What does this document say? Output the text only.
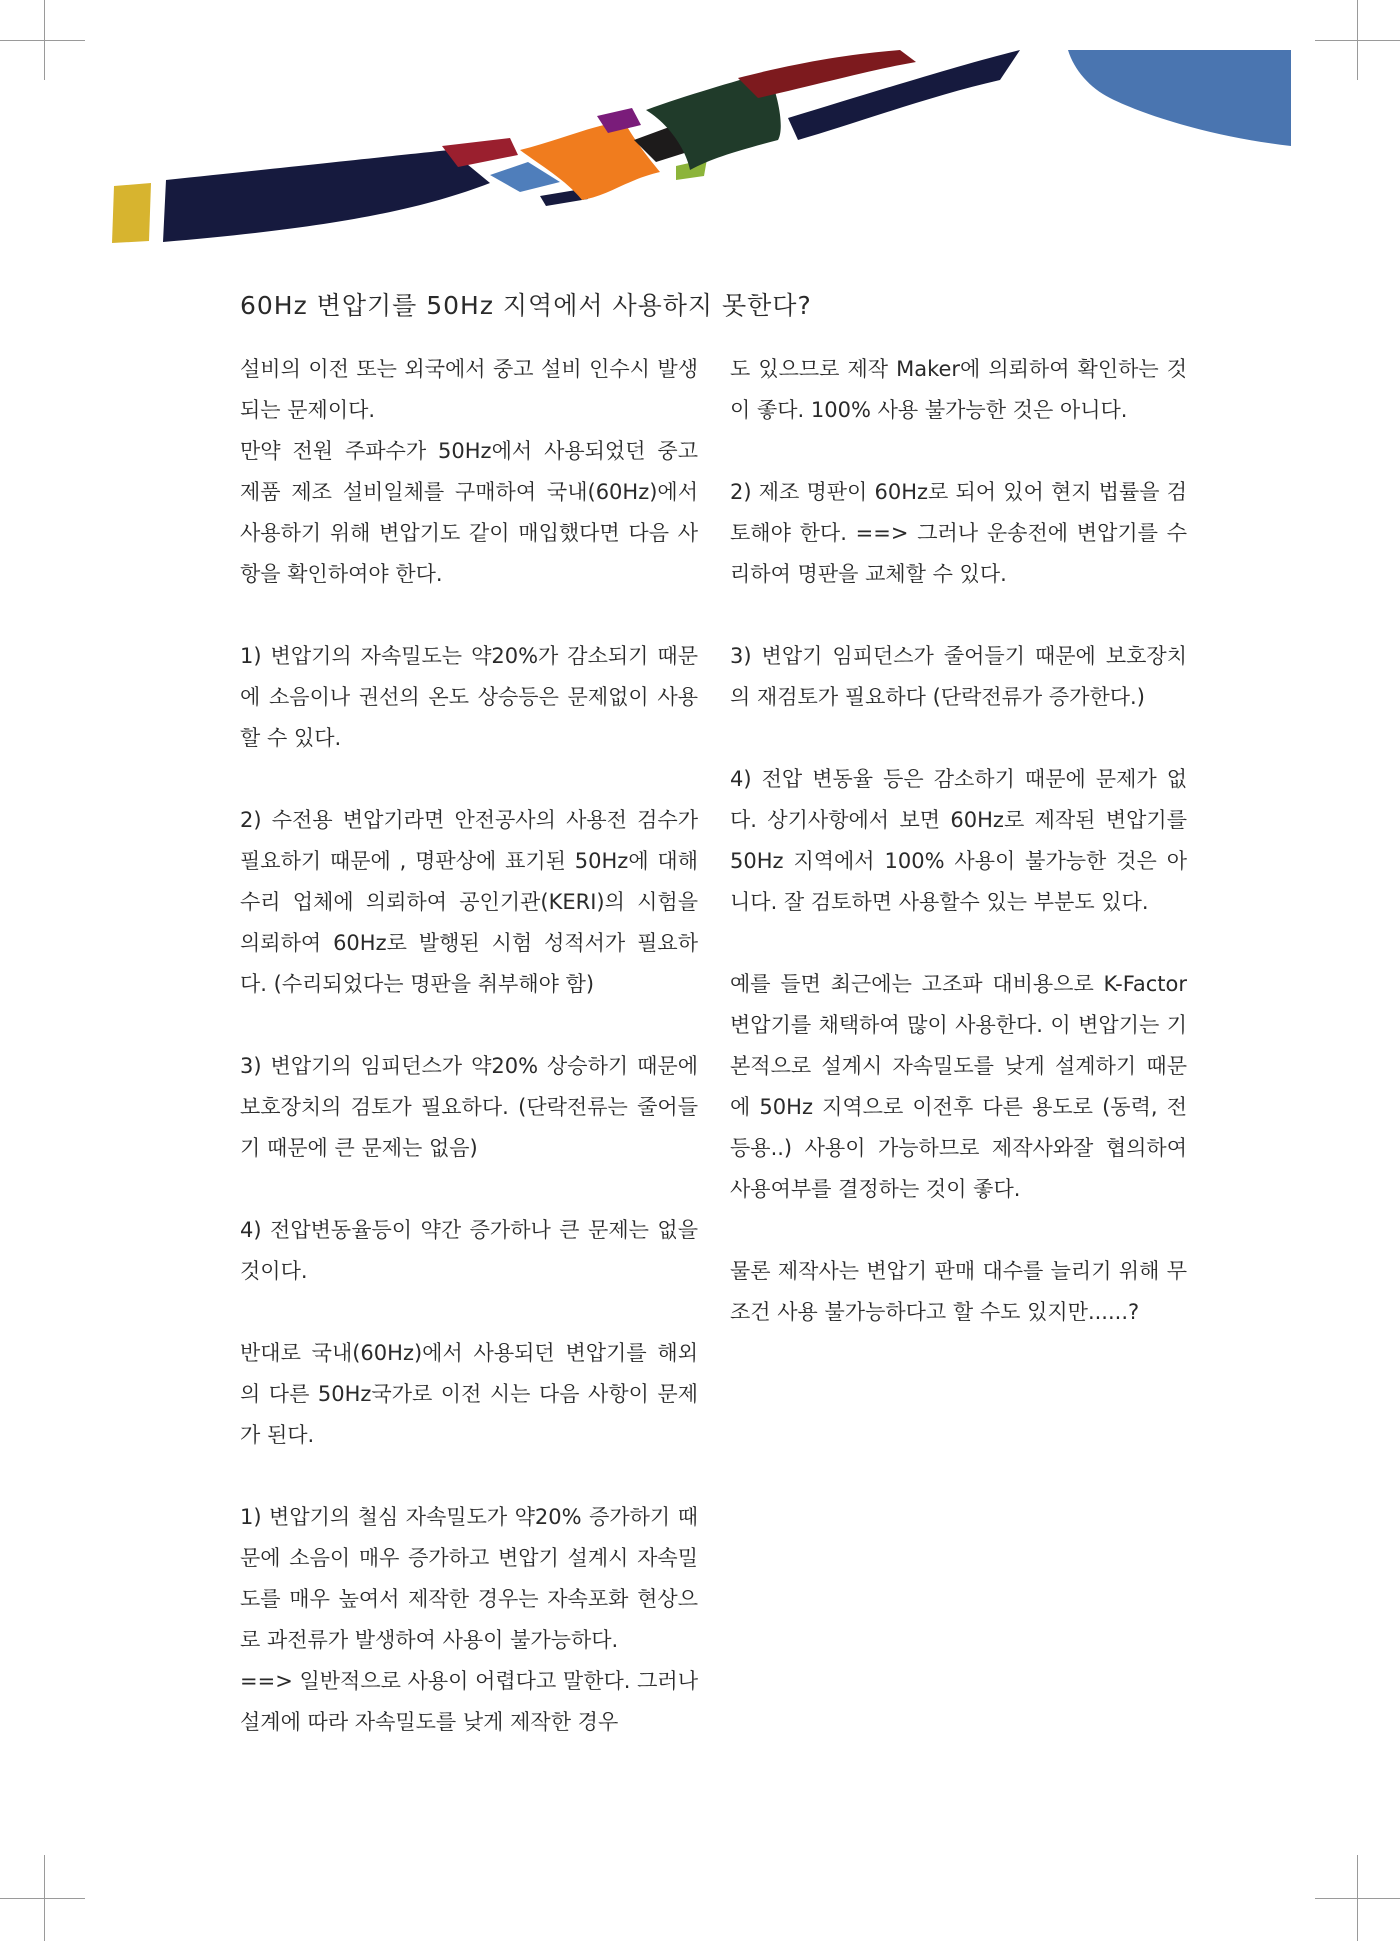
60Hz 변압기를 50Hz 지역에서 사용하지 못한다?

설비의 이전 또는 외국에서 중고 설비 인수시 발생되는 문제이다.

만약 전원 주파수가 50Hz에서 사용되었던 중고 제품 제조 설비일체를 구매하여 국내(60Hz)에서 사용하기 위해 변압기도 같이 매입했다면 다음 사항을 확인하여야 한다.

1) 변압기의 자속밀도는 약20%가 감소되기 때문에 소음이나 권선의 온도 상승등은 문제없이 사용할 수 있다.

2) 수전용 변압기라면 안전공사의 사용전 검수가 필요하기 때문에 , 명판상에 표기된 50Hz에 대해 수리 업체에 의뢰하여 공인기관(KERI)의 시험을 의뢰하여 60Hz로 발행된 시험 성적서가 필요하다. (수리되었다는 명판을 취부해야 함)

3) 변압기의 임피던스가 약20% 상승하기 때문에 보호장치의 검토가 필요하다. (단락전류는 줄어들기 때문에 큰 문제는 없음)

4) 전압변동율등이 약간 증가하나 큰 문제는 없을 것이다.

반대로 국내(60Hz)에서 사용되던 변압기를 해외의 다른 50Hz국가로 이전 시는 다음 사항이 문제가 된다.

1) 변압기의 철심 자속밀도가 약20% 증가하기 때문에 소음이 매우 증가하고 변압기 설계시 자속밀도를 매우 높여서 제작한 경우는 자속포화 현상으로 과전류가 발생하여 사용이 불가능하다.

==> 일반적으로 사용이 어렵다고 말한다. 그러나 설계에 따라 자속밀도를 낮게 제작한 경우

도 있으므로 제작 Maker에 의뢰하여 확인하는 것이 좋다. 100% 사용 불가능한 것은 아니다.

2) 제조 명판이 60Hz로 되어 있어 현지 법률을 검토해야 한다. ==> 그러나 운송전에 변압기를 수리하여 명판을 교체할 수 있다.

3) 변압기 임피던스가 줄어들기 때문에 보호장치의 재검토가 필요하다 (단락전류가 증가한다.)

4) 전압 변동율 등은 감소하기 때문에 문제가 없다. 상기사항에서 보면 60Hz로 제작된 변압기를 50Hz 지역에서 100% 사용이 불가능한 것은 아니다. 잘 검토하면 사용할수 있는 부분도 있다.

예를 들면 최근에는 고조파 대비용으로 K-Factor 변압기를 채택하여 많이 사용한다. 이 변압기는 기본적으로 설계시 자속밀도를 낮게 설계하기 때문에 50Hz 지역으로 이전후 다른 용도로 (동력, 전등용..) 사용이 가능하므로 제작사와잘 협의하여 사용여부를 결정하는 것이 좋다.

물론 제작사는 변압기 판매 대수를 늘리기 위해 무조건 사용 불가능하다고 할 수도 있지만......?
